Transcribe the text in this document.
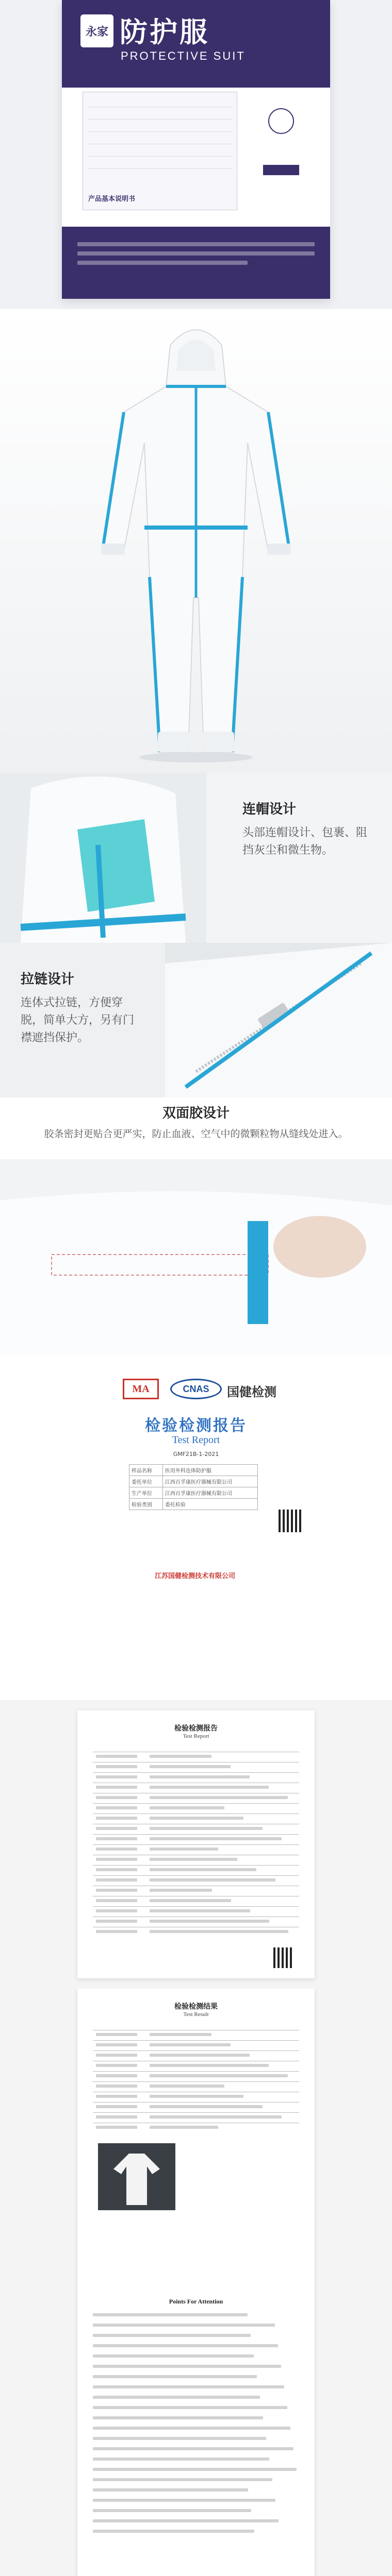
永家 防护服
PROTECTIVE SUIT
产品基本说明书
连帽设计
头部连帽设计、包裹、阻挡灰尘和微生物。
拉链设计
连体式拉链，方便穿脱，简单大方，另有门襟遮挡保护。
双面胶设计
胶条密封更贴合更严实，防止血液、空气中的微颗粒物从缝线处进入。
MA	CNAS	国健检测
检验检测报告
Test Report
GMF21B-1-2021
样品名称	医用外科连体防护服
委托单位	江西百孚康医疗器械有限公司
生产单位	江西百孚康医疗器械有限公司
检验类别	委托检验
江苏国健检测技术有限公司
检验检测报告
Test Report
检验检测结果
Test Result
Points For Attention
